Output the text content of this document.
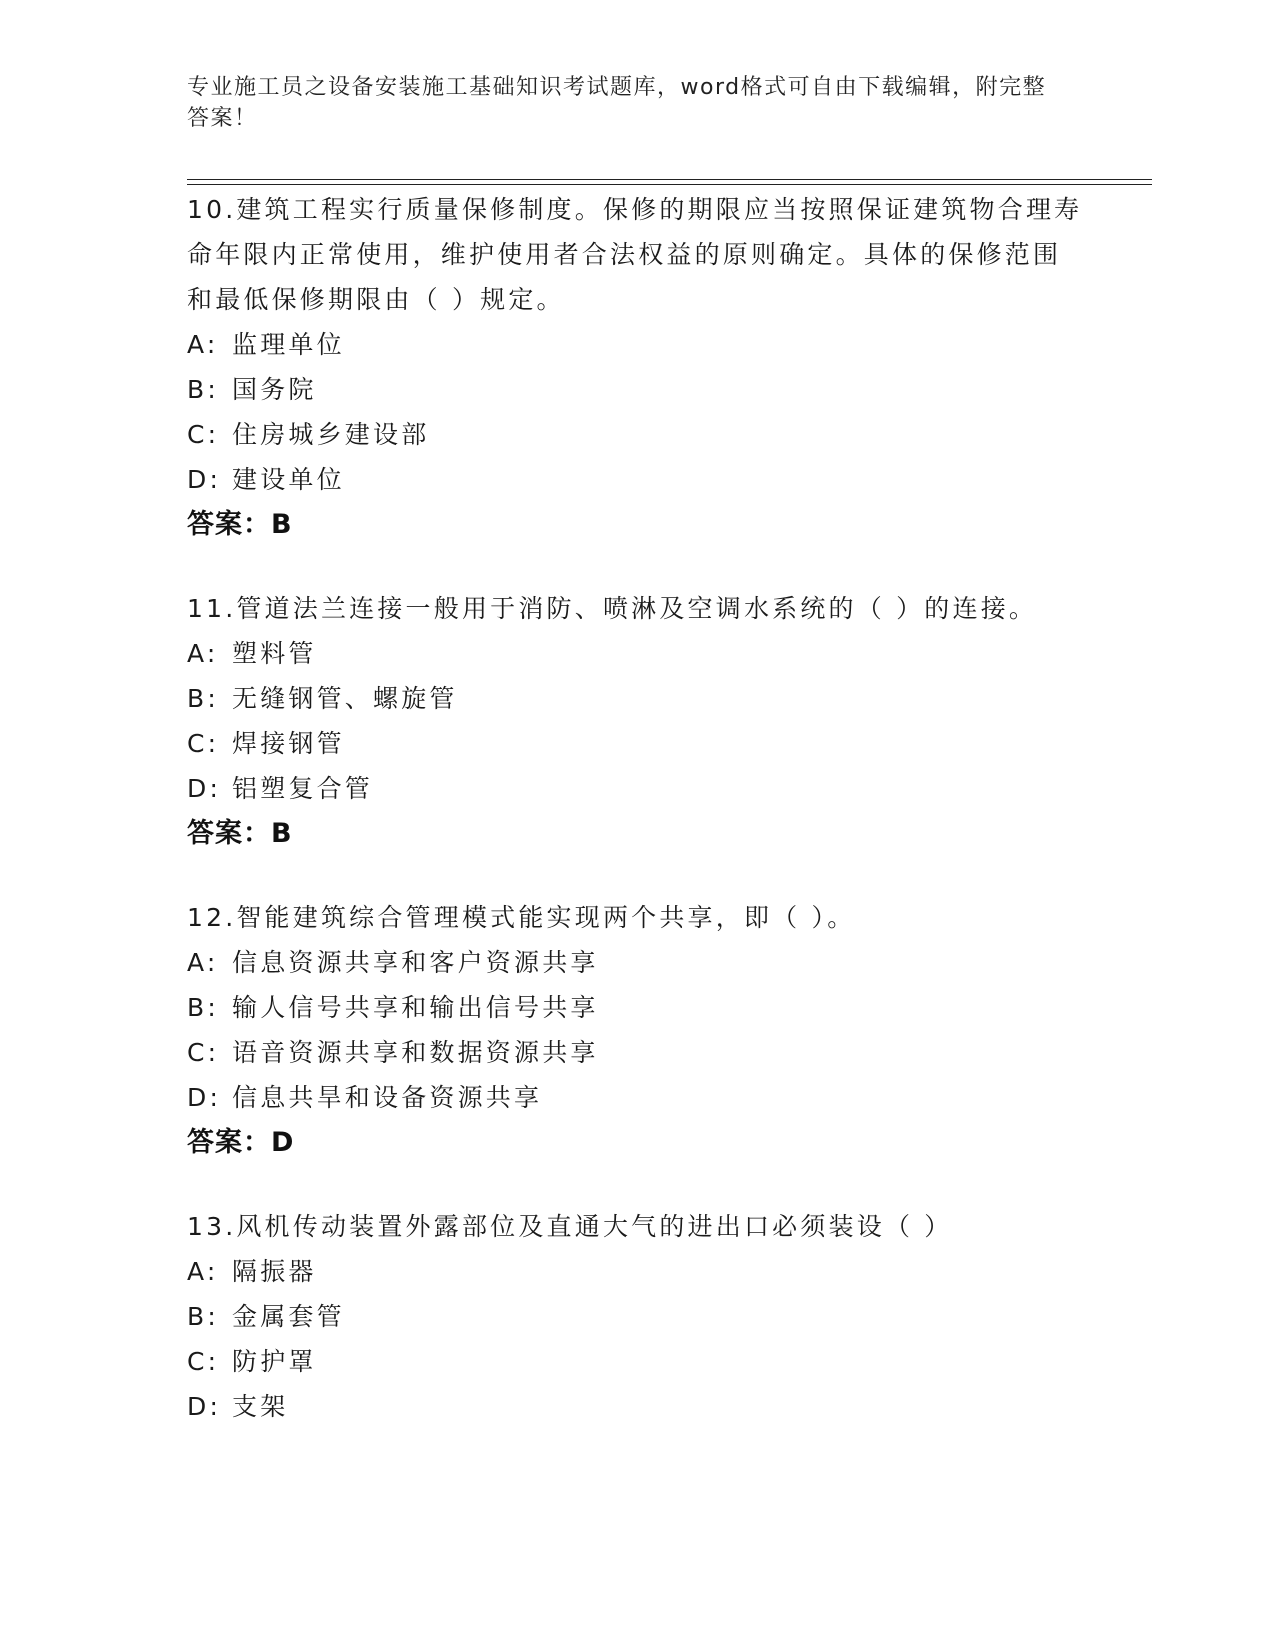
专业施工员之设备安装施工基础知识考试题库，word格式可自由下载编辑，附完整答案！

10.建筑工程实行质量保修制度。保修的期限应当按照保证建筑物合理寿命年限内正常使用，维护使用者合法权益的原则确定。具体的保修范围和最低保修期限由（ ）规定。

A: 监理单位
B: 国务院
C: 住房城乡建设部
D: 建设单位
答案：B

11.管道法兰连接一般用于消防、喷淋及空调水系统的（ ）的连接。

A: 塑料管
B: 无缝钢管、螺旋管
C: 焊接钢管
D: 铝塑复合管
答案：B

12.智能建筑综合管理模式能实现两个共享，即（ ）。

A: 信息资源共享和客户资源共享
B: 输人信号共享和输出信号共享
C: 语音资源共享和数据资源共享
D: 信息共旱和设备资源共享
答案：D

13.风机传动装置外露部位及直通大气的进出口必须装设（ ）

A: 隔振器
B: 金属套管
C: 防护罩
D: 支架
